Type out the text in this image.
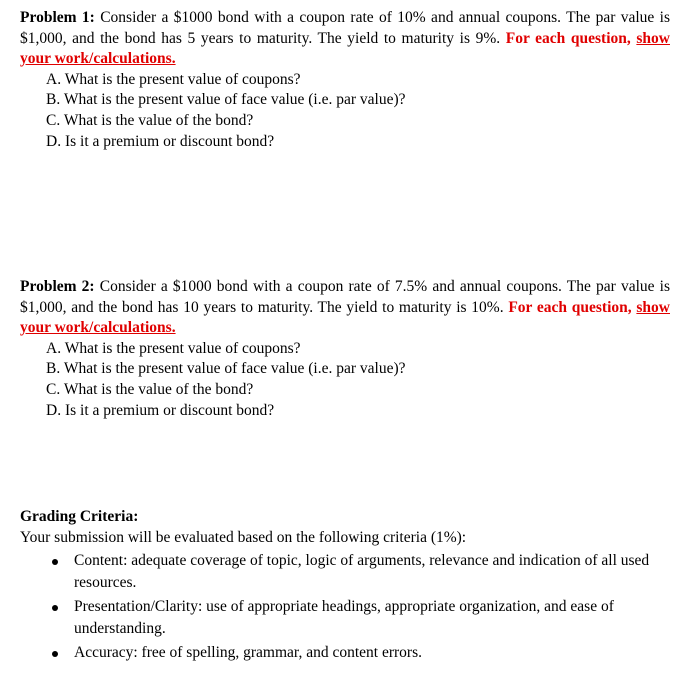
Problem 1: Consider a $1000 bond with a coupon rate of 10% and annual coupons. The par value is $1,000, and the bond has 5 years to maturity. The yield to maturity is 9%. For each question, show your work/calculations.
A. What is the present value of coupons?
B. What is the present value of face value (i.e. par value)?
C. What is the value of the bond?
D. Is it a premium or discount bond?
Problem 2: Consider a $1000 bond with a coupon rate of 7.5% and annual coupons. The par value is $1,000, and the bond has 10 years to maturity. The yield to maturity is 10%. For each question, show your work/calculations.
A. What is the present value of coupons?
B. What is the present value of face value (i.e. par value)?
C. What is the value of the bond?
D. Is it a premium or discount bond?
Grading Criteria:
Your submission will be evaluated based on the following criteria (1%):
Content: adequate coverage of topic, logic of arguments, relevance and indication of all used resources.
Presentation/Clarity: use of appropriate headings, appropriate organization, and ease of understanding.
Accuracy: free of spelling, grammar, and content errors.
